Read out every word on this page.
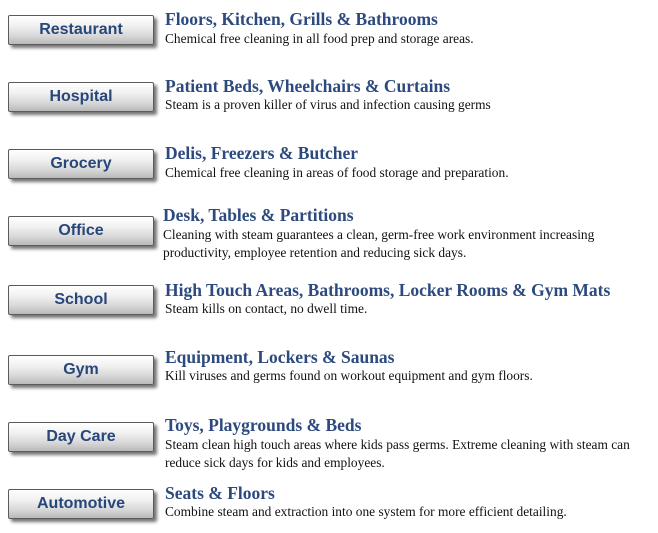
Restaurant
Floors, Kitchen, Grills & Bathrooms
Chemical free cleaning in all food prep and storage areas.
Hospital
Patient Beds, Wheelchairs & Curtains
Steam is a proven killer of virus and infection causing germs
Grocery
Delis, Freezers & Butcher
Chemical free cleaning in areas of food storage and preparation.
Office
Desk, Tables & Partitions
Cleaning with steam guarantees a clean, germ-free work environment increasing productivity, employee retention and reducing sick days.
School	High Touch Areas, Bathrooms, Locker Rooms & Gym Mats
Steam kills on contact, no dwell time.
Gym
Equipment, Lockers & Saunas
Kill viruses and germs found on workout equipment and gym floors.
Day Care
Toys, Playgrounds & Beds
Steam clean high touch areas where kids pass germs. Extreme cleaning with steam can reduce sick days for kids and employees.
Automotive
Seats & Floors
Combine steam and extraction into one system for more efficient detailing.
